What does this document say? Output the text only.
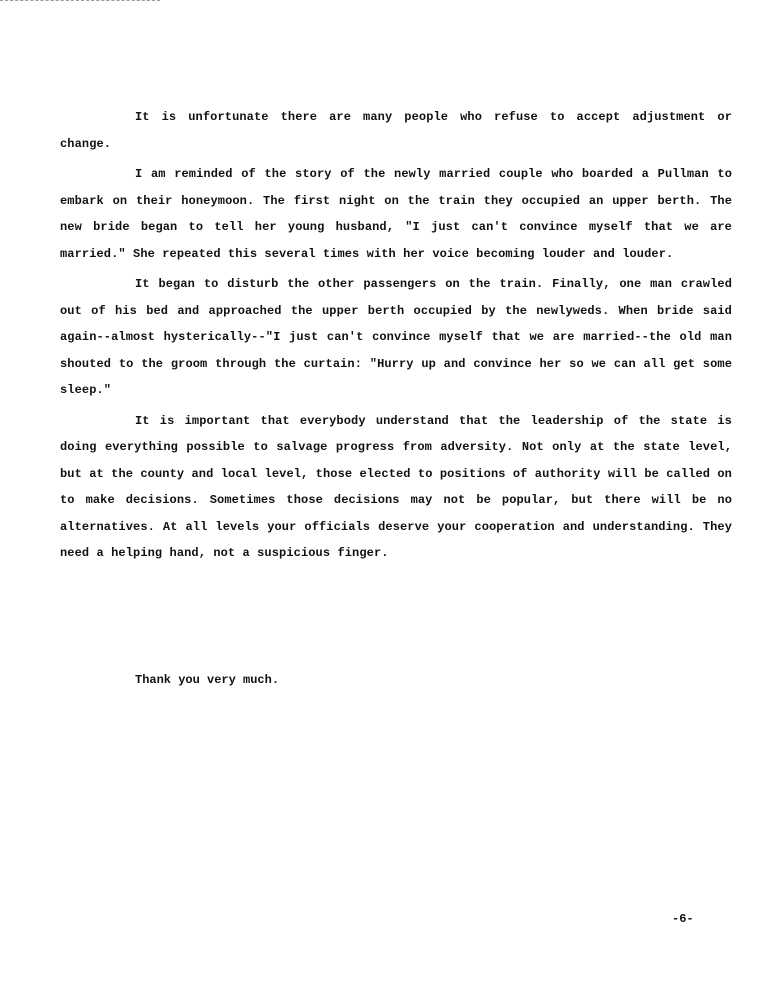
It is unfortunate there are many people who refuse to accept adjustment or change.

I am reminded of the story of the newly married couple who boarded a Pullman to embark on their honeymoon. The first night on the train they occupied an upper berth. The new bride began to tell her young husband, "I just can't convince myself that we are married." She repeated this several times with her voice becoming louder and louder.

It began to disturb the other passengers on the train. Finally, one man crawled out of his bed and approached the upper berth occupied by the newlyweds. When bride said again--almost hysterically--"I just can't convince myself that we are married--the old man shouted to the groom through the curtain: "Hurry up and convince her so we can all get some sleep."

It is important that everybody understand that the leadership of the state is doing everything possible to salvage progress from adversity. Not only at the state level, but at the county and local level, those elected to positions of authority will be called on to make decisions. Sometimes those decisions may not be popular, but there will be no alternatives. At all levels your officials deserve your cooperation and understanding. They need a helping hand, not a suspicious finger.

Thank you very much.
-6-
